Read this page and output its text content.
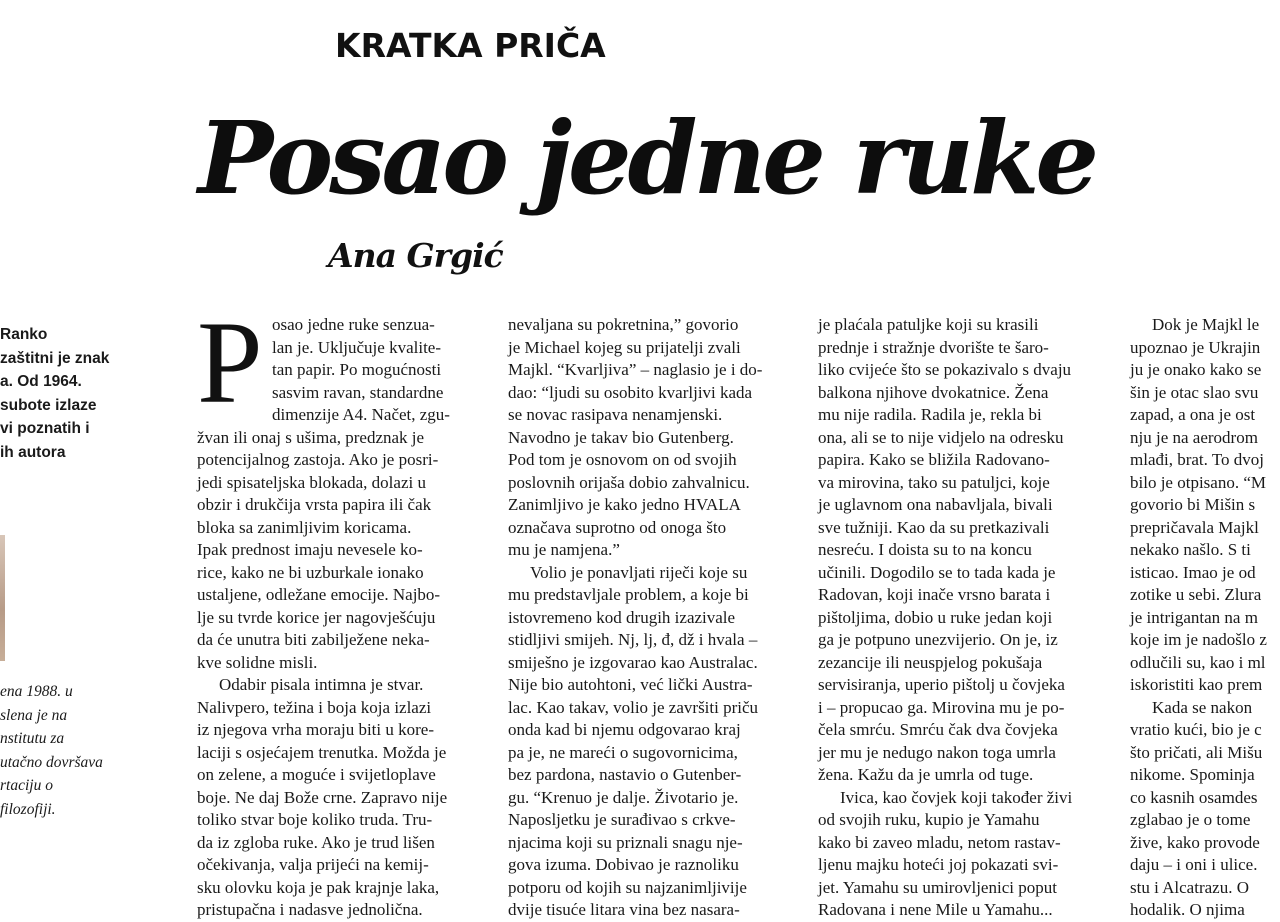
KRATKA PRIČA
Posao jedne ruke
Ana Grgić
Ranko
zaštitni je znak
a. Od 1964.
subote izlaze
vi poznatih i
ih autora
ena 1988. u
slena je na
nstitutu za
utačno dovršava
rtaciju o
filozofiji.
P osao jedne ruke senzua-
lan je. Uključuje kvalite-
tan papir. Po mogućnosti
sasvim ravan, standardne
dimenzije A4. Načet, zgu-
žvan ili onaj s ušima, predznak je
potencijalnog zastoja. Ako je posri-
jedi spisateljska blokada, dolazi u
obzir i drukčija vrsta papira ili čak
bloka sa zanimljivim koricama.
Ipak prednost imaju nevesele ko-
rice, kako ne bi uzburkale ionako
ustaljene, odležane emocije. Najbo-
lje su tvrde korice jer nagovješćuju
da će unutra biti zabilježene neka-
kve solidne misli.
Odabir pisala intimna je stvar.
Nalivpero, težina i boja koja izlazi
iz njegova vrha moraju biti u kore-
laciji s osjećajem trenutka. Možda je
on zelene, a moguće i svijetloplave
boje. Ne daj Bože crne. Zapravo nije
toliko stvar boje koliko truda. Tru-
da iz zgloba ruke. Ako je trud lišen
očekivanja, valja prijeći na kemij-
sku olovku koja je pak krajnje laka,
pristupačna i nadasve jednolična.
nevaljana su pokretnina,” govorio
je Michael kojeg su prijatelji zvali
Majkl. “Kvarljiva” – naglasio je i do-
dao: “ljudi su osobito kvarljivi kada
se novac rasipava nenamjenski.
Navodno je takav bio Gutenberg.
Pod tom je osnovom on od svojih
poslovnih orijaša dobio zahvalnicu.
Zanimljivo je kako jedno HVALA
označava suprotno od onoga što
mu je namjena.”
Volio je ponavljati riječi koje su
mu predstavljale problem, a koje bi
istovremeno kod drugih izazivale
stidljivi smijeh. Nj, lj, đ, dž i hvala –
smiješno je izgovarao kao Australac.
Nije bio autohtoni, već lički Austra-
lac. Kao takav, volio je završiti priču
onda kad bi njemu odgovarao kraj
pa je, ne mareći o sugovornicima,
bez pardona, nastavio o Gutenber-
gu. “Krenuo je dalje. Životario je.
Naposljetku je surađivao s crkve-
njacima koji su priznali snagu nje-
gova izuma. Dobivao je raznoliku
potporu od kojih su najzanimljivije
dvije tisuće litara vina bez nasara-
je plaćala patuljke koji su krasili
prednje i stražnje dvorište te šaro-
liko cvijeće što se pokazivalo s dvaju
balkona njihove dvokatnice. Žena
mu nije radila. Radila je, rekla bi
ona, ali se to nije vidjelo na odresku
papira. Kako se bližila Radovano-
va mirovina, tako su patuljci, koje
je uglavnom ona nabavljala, bivali
sve tužniji. Kao da su pretkazivali
nesreću. I doista su to na koncu
učinili. Dogodilo se to tada kada je
Radovan, koji inače vrsno barata i
pištoljima, dobio u ruke jedan koji
ga je potpuno unezvijerio. On je, iz
zezancije ili neuspjelog pokušaja
servisiranja, uperio pištolj u čovjeka
i – propucao ga. Mirovina mu je po-
čela smrću. Smrću čak dva čovjeka
jer mu je nedugo nakon toga umrla
žena. Kažu da je umrla od tuge.
Ivica, kao čovjek koji također živi
od svojih ruku, kupio je Yamahu
kako bi zaveo mladu, netom rastav-
ljenu majku hoteći joj pokazati svi-
jet. Yamahu su umirovljenici poput
Radovana i nene Mile u Yamahu...
Dok je Majkl le
upoznao je Ukrajin
ju je onako kako se
šin je otac slao svu
zapad, a ona je ost
nju je na aerodrom
mlađi, brat. To dvoj
bilo je otpisano. “M
govorio bi Mišin s
prepričavala Majkl
nekako našlo. S ti
isticao. Imao je od
zotike u sebi. Zlura
je intrigantan na m
koje im je nadošlo z
odlučili su, kao i ml
iskoristiti kao prem
Kada se nakon
vratio kući, bio je c
što pričati, ali Mišu
nikome. Spominja
co kasnih osamdes
zglabao je o tome
žive, kako provode
daju – i oni i ulice.
stu i Alcatrazu. O
hodalik. O njima
